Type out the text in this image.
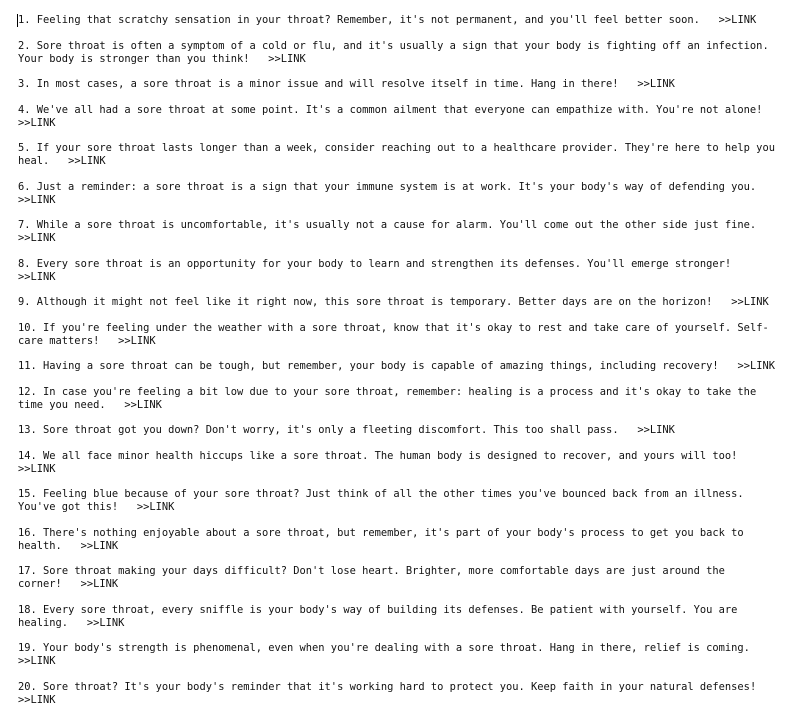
1. Feeling that scratchy sensation in your throat? Remember, it's not permanent, and you'll feel better soon. >>LINK
2. Sore throat is often a symptom of a cold or flu, and it's usually a sign that your body is fighting off an infection. Your body is stronger than you think! >>LINK
3. In most cases, a sore throat is a minor issue and will resolve itself in time. Hang in there! >>LINK
4. We've all had a sore throat at some point. It's a common ailment that everyone can empathize with. You're not alone!   >>LINK
5. If your sore throat lasts longer than a week, consider reaching out to a healthcare provider. They're here to help you heal. >>LINK
6. Just a reminder: a sore throat is a sign that your immune system is at work. It's your body's way of defending you.   >>LINK
7. While a sore throat is uncomfortable, it's usually not a cause for alarm. You'll come out the other side just fine.   >>LINK
8. Every sore throat is an opportunity for your body to learn and strengthen its defenses. You'll emerge stronger!   >>LINK
9. Although it might not feel like it right now, this sore throat is temporary. Better days are on the horizon! >>LINK
10. If you're feeling under the weather with a sore throat, know that it's okay to rest and take care of yourself. Self-care matters! >>LINK
11. Having a sore throat can be tough, but remember, your body is capable of amazing things, including recovery! >>LINK
12. In case you're feeling a bit low due to your sore throat, remember: healing is a process and it's okay to take the time you need. >>LINK
13. Sore throat got you down? Don't worry, it's only a fleeting discomfort. This too shall pass. >>LINK
14. We all face minor health hiccups like a sore throat. The human body is designed to recover, and yours will too!   >>LINK
15. Feeling blue because of your sore throat? Just think of all the other times you've bounced back from an illness. You've got this! >>LINK
16. There's nothing enjoyable about a sore throat, but remember, it's part of your body's process to get you back to health. >>LINK
17. Sore throat making your days difficult? Don't lose heart. Brighter, more comfortable days are just around the corner! >>LINK
18. Every sore throat, every sniffle is your body's way of building its defenses. Be patient with yourself. You are healing. >>LINK
19. Your body's strength is phenomenal, even when you're dealing with a sore throat. Hang in there, relief is coming.   >>LINK
20. Sore throat? It's your body's reminder that it's working hard to protect you. Keep faith in your natural defenses!   >>LINK
